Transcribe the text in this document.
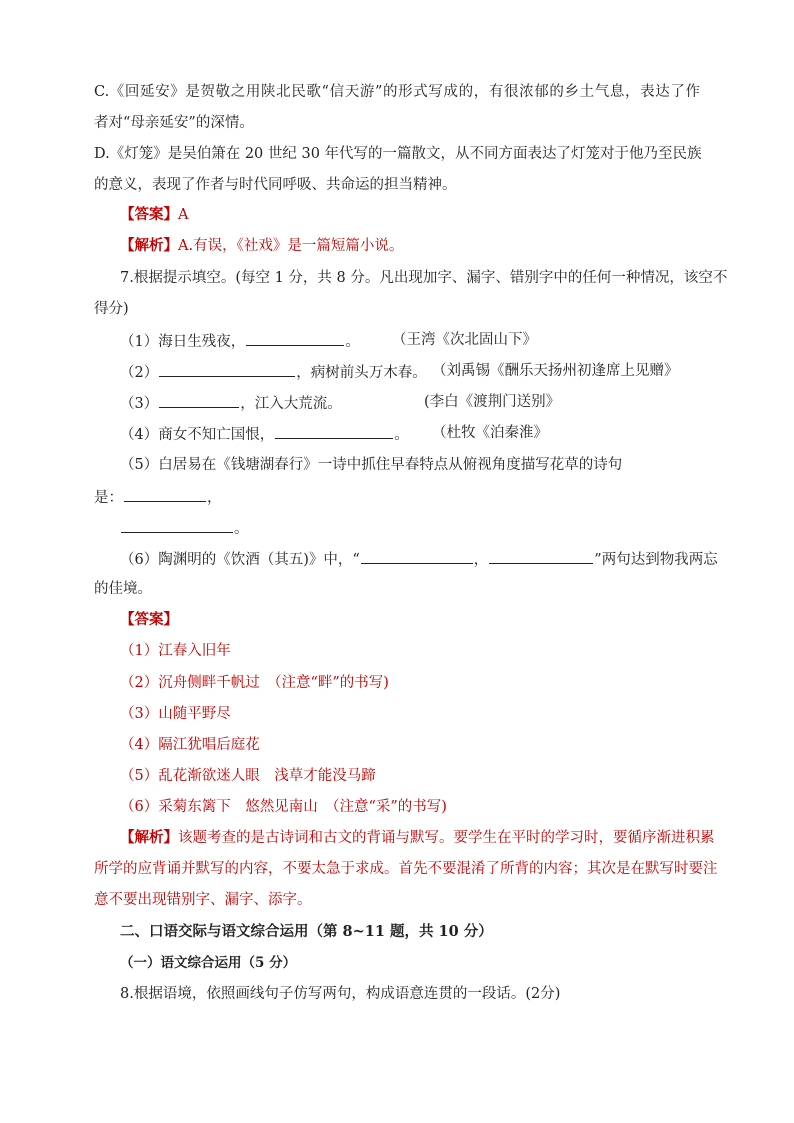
C.《回延安》是贺敬之用陕北民歌“信天游”的形式写成的，有很浓郁的乡土气息，表达了作
者对“母亲延安”的深情。
D.《灯笼》是吴伯箫在 20 世纪 30 年代写的一篇散文，从不同方面表达了灯笼对于他乃至民族
的意义，表现了作者与时代同呼吸、共命运的担当精神。
【答案】A
【解析】A.有误，《社戏》是一篇短篇小说。
7.根据提示填空。(每空 1 分，共 8 分。凡出现加字、漏字、错别字中的任何一种情况，该空不
得分)
（1）海日生残夜，	。 （王湾《次北固山下》
（2）	，病树前头万木春。 （刘禹锡《酬乐天扬州初逢席上见赠》
（3）	，江入大荒流。	(李白《渡荆门送别》
（4）商女不知亡国恨，	。 （杜牧《泊秦淮》
（5）白居易在《钱塘湖春行》一诗中抓住早春特点从俯视角度描写花草的诗句
是：	，
。
（6）陶渊明的《饮酒（其五)》中，“	，	”两句达到物我两忘
的佳境。
【答案】
（1）江春入旧年
（2）沉舟侧畔千帆过　（注意“畔”的书写)
（3）山随平野尽
（4）隔江犹唱后庭花
（5）乱花渐欲迷人眼　浅草才能没马蹄
（6）采菊东篱下　悠然见南山　（注意“采”的书写)
【解析】该题考查的是古诗词和古文的背诵与默写。要学生在平时的学习时，要循序渐进积累
所学的应背诵并默写的内容，不要太急于求成。首先不要混淆了所背的内容；其次是在默写时要注
意不要出现错别字、漏字、添字。
二、口语交际与语文综合运用（第 8~11 题，共 10 分）
（一）语文综合运用（5 分）
8.根据语境，依照画线句子仿写两句，构成语意连贯的一段话。(2分)
